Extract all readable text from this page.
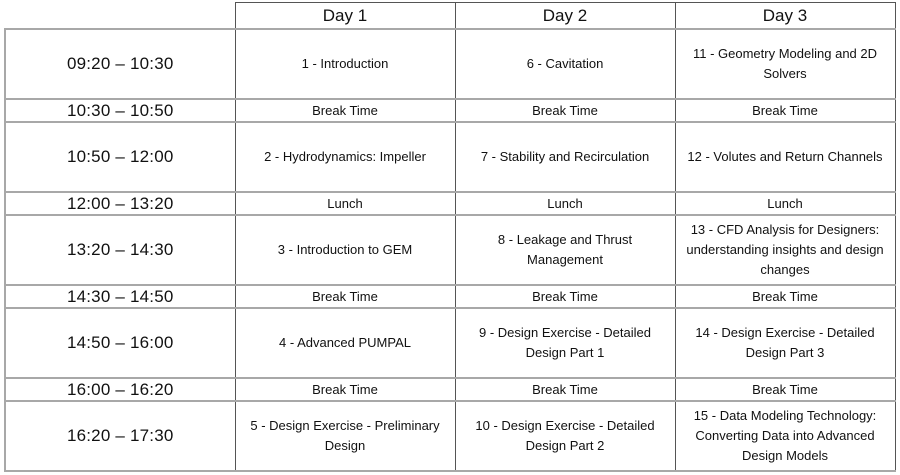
	Day 1	Day 2	Day 3
09:20 – 10:30	1 - Introduction	6 - Cavitation	11 - Geometry Modeling and 2D Solvers
10:30 – 10:50	Break Time	Break Time	Break Time
10:50 – 12:00	2 - Hydrodynamics: Impeller	7 - Stability and Recirculation	12 - Volutes and Return Channels
12:00 – 13:20	Lunch	Lunch	Lunch
13:20 – 14:30	3 - Introduction to GEM	8 - Leakage and Thrust Management	13 - CFD Analysis for Designers: understanding insights and design changes
14:30 – 14:50	Break Time	Break Time	Break Time
14:50 – 16:00	4 - Advanced PUMPAL	9 - Design Exercise - Detailed Design Part 1	14 - Design Exercise - Detailed Design Part 3
16:00 – 16:20	Break Time	Break Time	Break Time
16:20 – 17:30	5 - Design Exercise - Preliminary Design	10 - Design Exercise - Detailed Design Part 2	15 - Data Modeling Technology: Converting Data into Advanced Design Models
